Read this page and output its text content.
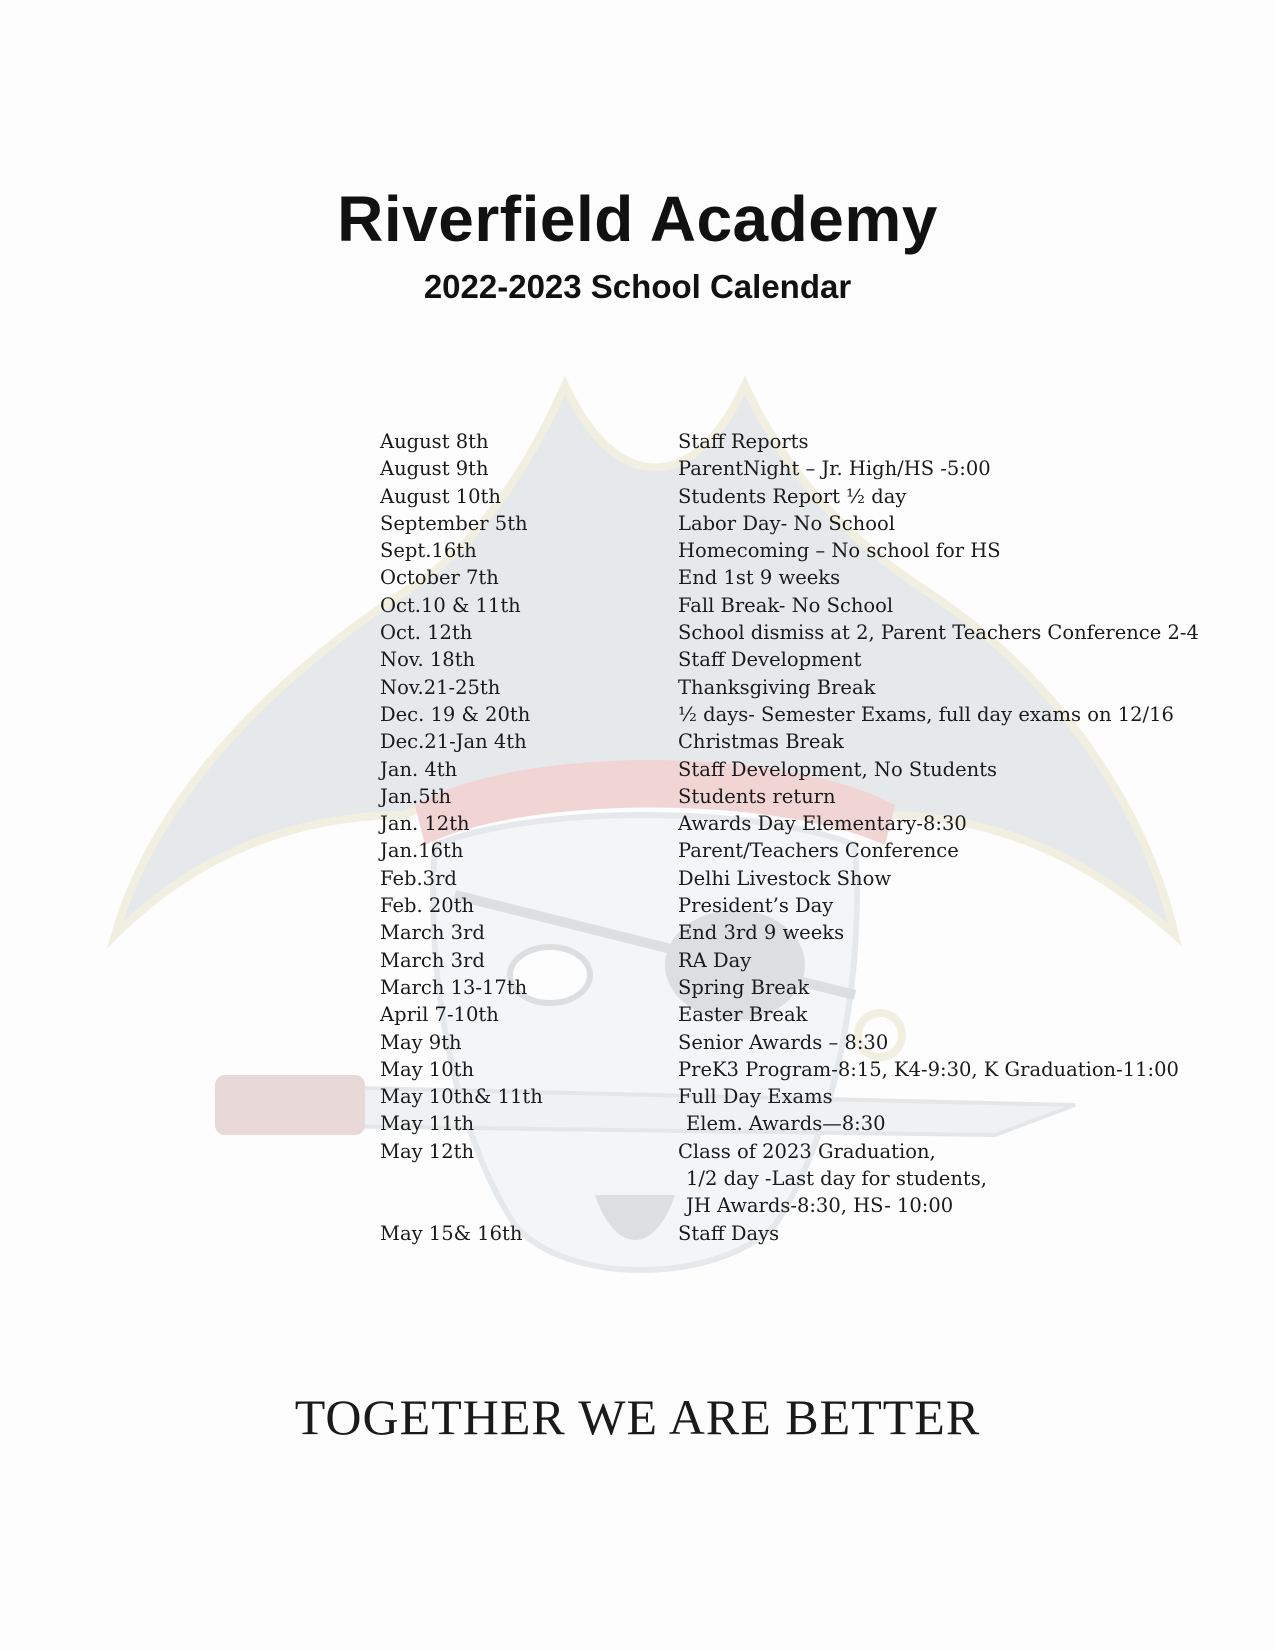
Riverfield Academy
2022-2023 School Calendar
August 8th	Staff Reports
August 9th	ParentNight – Jr. High/HS -5:00
August 10th	Students Report ½ day
September 5th	Labor Day- No School
Sept.16th	Homecoming – No school for HS
October 7th	End 1st 9 weeks
Oct.10 & 11th	Fall Break- No School
Oct. 12th	School dismiss at 2, Parent Teachers Conference 2-4
Nov. 18th	Staff Development
Nov.21-25th	Thanksgiving Break
Dec. 19 & 20th	½ days- Semester Exams, full day exams on 12/16
Dec.21-Jan 4th	Christmas Break
Jan. 4th	Staff Development, No Students
Jan.5th	Students return
Jan. 12th	Awards Day Elementary-8:30
Jan.16th	Parent/Teachers Conference
Feb.3rd	Delhi Livestock Show
Feb. 20th	President’s Day
March 3rd	End 3rd 9 weeks
March 3rd	RA Day
March 13-17th	Spring Break
April 7-10th	Easter Break
May 9th	Senior Awards – 8:30
May 10th	PreK3 Program-8:15, K4-9:30, K Graduation-11:00
May 10th& 11th	Full Day Exams
May 11th	Elem. Awards—8:30
May 12th	Class of 2023 Graduation,
1/2 day -Last day for students,
JH Awards-8:30, HS- 10:00
May 15& 16th	Staff Days

TOGETHER WE ARE BETTER
